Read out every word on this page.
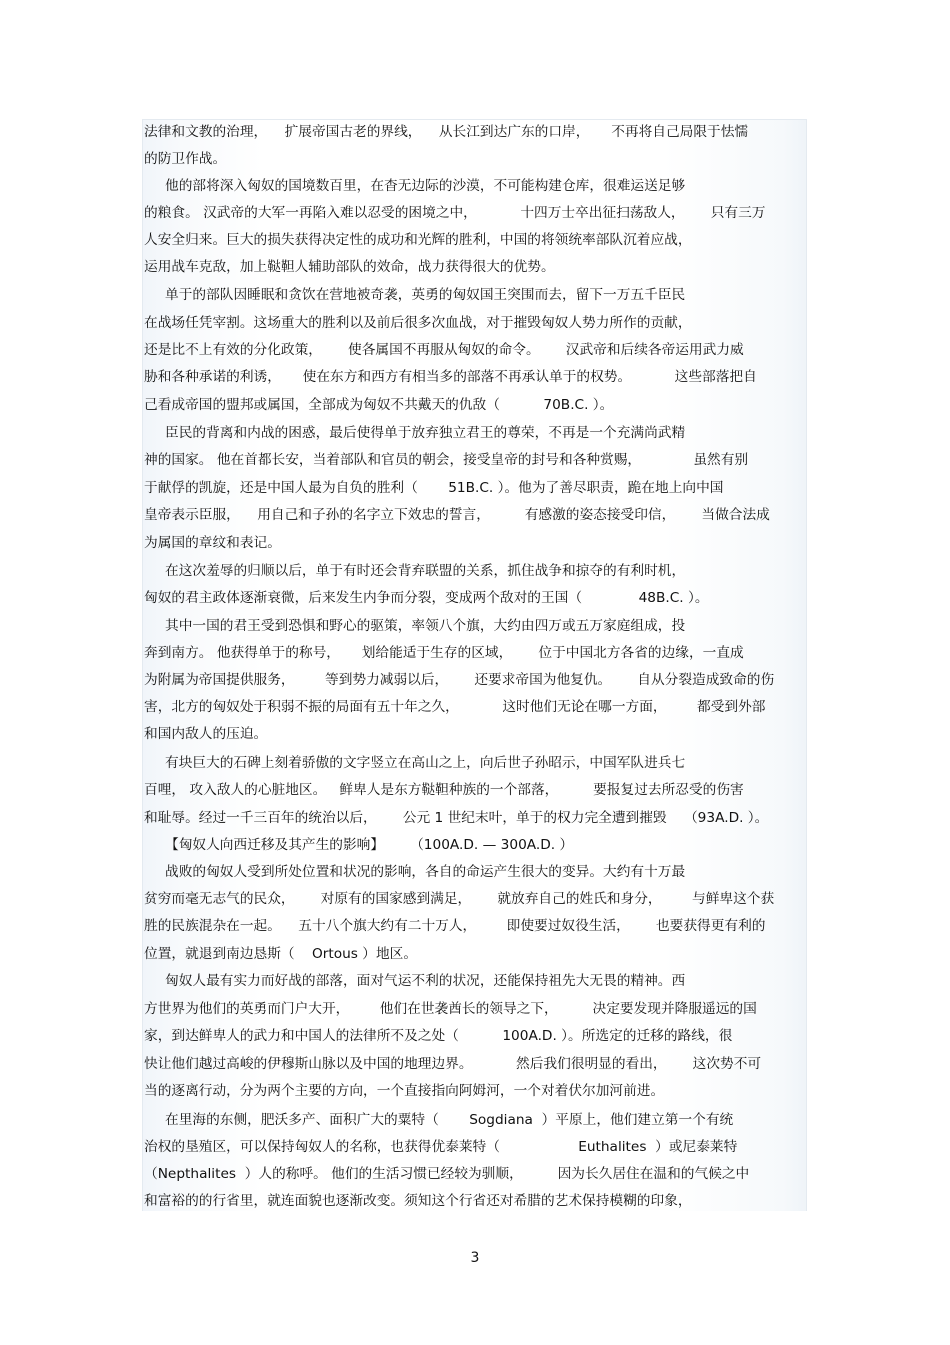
法律和文教的治理，    扩展帝国古老的界线，    从长江到达广东的口岸，     不再将自己局限于怯懦
的防卫作战。
他的部将深入匈奴的国境数百里，在杳无边际的沙漠，不可能构建仓库，很难运送足够
的粮食。 汉武帝的大军一再陷入难以忍受的困境之中，          十四万士卒出征扫荡敌人，      只有三万
人安全归来。巨大的损失获得决定性的成功和光辉的胜利，中国的将领统率部队沉着应战，
运用战车克敌，加上鞑靼人辅助部队的效命，战力获得很大的优势。
单于的部队因睡眠和贪饮在营地被奇袭，英勇的匈奴国王突围而去，留下一万五千臣民
在战场任凭宰割。这场重大的胜利以及前后很多次血战，对于摧毁匈奴人势力所作的贡献，
还是比不上有效的分化政策，      使各属国不再服从匈奴的命令。      汉武帝和后续各帝运用武力威
胁和各种承诺的利诱，     使在东方和西方有相当多的部落不再承认单于的权势。          这些部落把自
己看成帝国的盟邦或属国，全部成为匈奴不共戴天的仇敌（          70B.C. ）。
臣民的背离和内战的困惑，最后使得单于放弃独立君王的尊荣，不再是一个充满尚武精
神的国家。 他在首都长安，当着部队和官员的朝会，接受皇帝的封号和各种赏赐，            虽然有别
于献俘的凯旋，还是中国人最为自负的胜利（       51B.C. ）。他为了善尽职责，跪在地上向中国
皇帝表示臣服，    用自己和子孙的名字立下效忠的誓言，        有感激的姿态接受印信，      当做合法成
为属国的章纹和表记。
在这次羞辱的归顺以后，单于有时还会背弃联盟的关系，抓住战争和掠夺的有利时机，
匈奴的君主政体逐渐衰微，后来发生内争而分裂，变成两个敌对的王国（             48B.C. ）。
其中一国的君王受到恐惧和野心的驱策，率领八个旗，大约由四万或五万家庭组成，投
奔到南方。 他获得单于的称号，     划给能适于生存的区域，      位于中国北方各省的边缘，一直成
为附属为帝国提供服务，       等到势力减弱以后，      还要求帝国为他复仇。      自从分裂造成致命的伤
害，北方的匈奴处于积弱不振的局面有五十年之久，          这时他们无论在哪一方面，       都受到外部
和国内敌人的压迫。
有块巨大的石碑上刻着骄傲的文字竖立在高山之上，向后世子孙昭示，中国军队进兵七
百哩， 攻入敌人的心脏地区。   鲜卑人是东方鞑靼种族的一个部落，        要报复过去所忍受的伤害
和耻辱。经过一千三百年的统治以后，      公元 1 世纪末叶，单于的权力完全遭到摧毁    （93A.D. ）。
【匈奴人向西迁移及其产生的影响】      （100A.D. — 300A.D. ）
战败的匈奴人受到所处位置和状况的影响，各自的命运产生很大的变异。大约有十万最
贫穷而毫无志气的民众，      对原有的国家感到满足，      就放弃自己的姓氏和身分，       与鲜卑这个获
胜的民族混杂在一起。    五十八个旗大约有二十万人，       即使要过奴役生活，      也要获得更有利的
位置，就退到南边恳斯（    Ortous ）地区。
匈奴人最有实力而好战的部落，面对气运不利的状况，还能保持祖先大无畏的精神。西
方世界为他们的英勇而门户大开，       他们在世袭酋长的领导之下，        决定要发现并降服遥远的国
家，到达鲜卑人的武力和中国人的法律所不及之处（          100A.D. ）。所选定的迁移的路线，很
快让他们越过高峻的伊穆斯山脉以及中国的地理边界。          然后我们很明显的看出，      这次势不可
当的逐离行动，分为两个主要的方向，一个直接指向阿姆河，一个对着伏尔加河前进。
在里海的东侧，肥沃多产、面积广大的粟特（       Sogdiana  ）平原上，他们建立第一个有统
治权的垦殖区，可以保持匈奴人的名称，也获得优泰莱特（                  Euthalites  ）或尼泰莱特
（Nepthalites  ）人的称呼。 他们的生活习惯已经较为驯顺，        因为长久居住在温和的气候之中
和富裕的的行省里，就连面貌也逐渐改变。须知这个行省还对希腊的艺术保持模糊的印象，
3
